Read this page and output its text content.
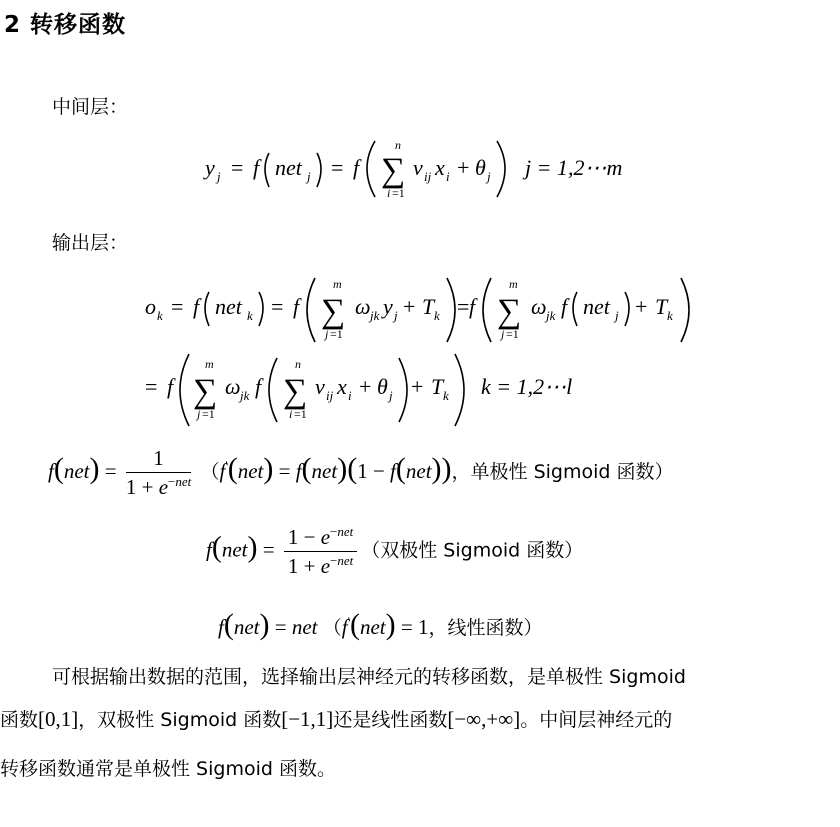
2 转移函数
中间层：
y j = f net j = f
n
∑
i =1
v ij x i + θ j j = 1,2⋯m
输出层：
o k = f net k = f
m
∑
j =1
ω jk y j + T k = f
m
∑
j =1
ω jk f net j + T k
= f
m
∑
j =1
ω jk f
n
∑
i =1
v ij x i + θ j + T k k = 1,2⋯l
$f(net) = \frac{1}{1 + e^{-net}} (f'(net) = f(net)(1 - f(net))$，单极性 Sigmoid 函数）
$f(net) = \frac{1 - e^{-net}}{1 + e^{-net}}$ （双极性 Sigmoid 函数）
f(net) = net （f'(net) = 1，线性函数）
可根据输出数据的范围，选择输出层神经元的转移函数，是单极性 Sigmoid
函数[0,1]，双极性 Sigmoid 函数[−1,1]还是线性函数[−∞,+∞]。中间层神经元的
转移函数通常是单极性 Sigmoid 函数。
